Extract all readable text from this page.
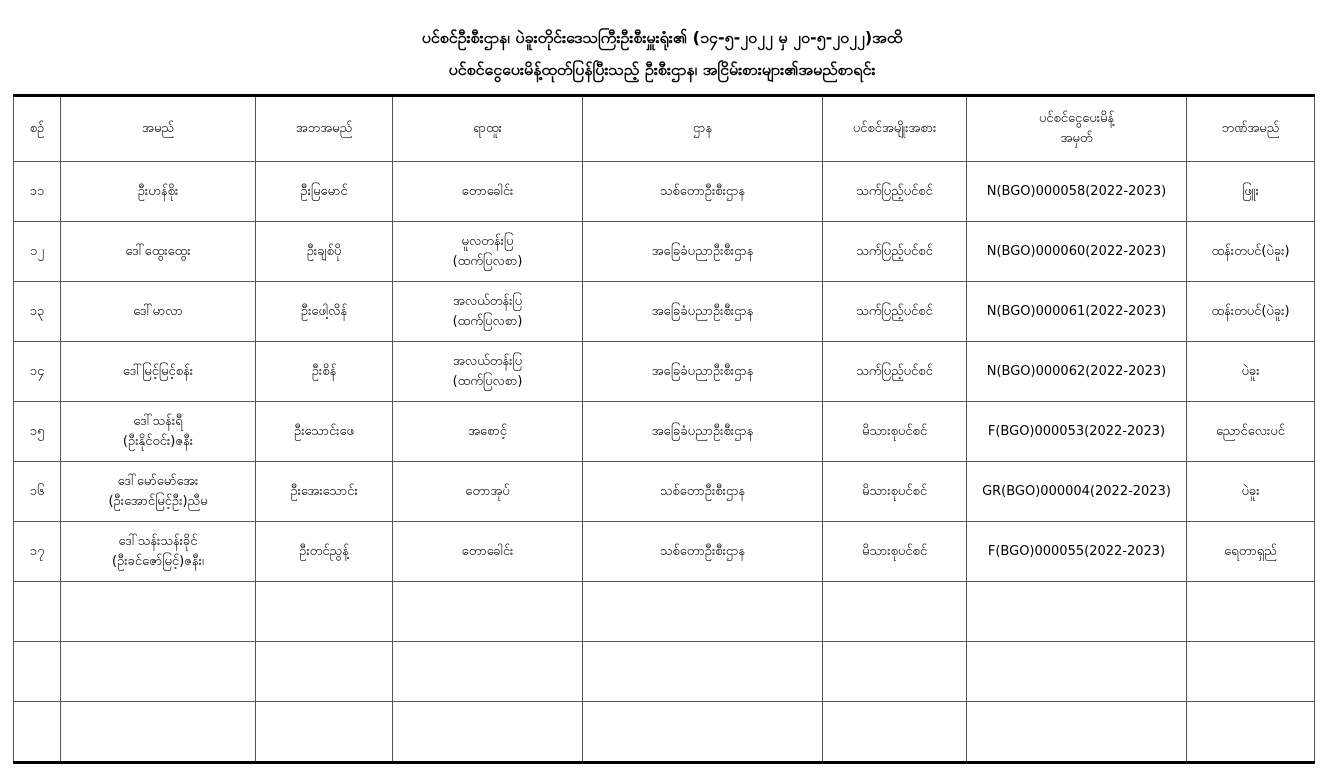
ပင်စင်ဦးစီးဌာန၊ ပဲခူးတိုင်းဒေသကြီးဦးစီးမှူးရုံး၏ (၁၄-၅-၂၀၂၂ မှ ၂၀-၅-၂၀၂၂)အထိ
ပင်စင်ငွေပေးမိန့်ထုတ်ပြန်ပြီးသည့် ဦးစီးဌာန၊ အငြိမ်းစားများ၏အမည်စာရင်း
စဉ်	အမည်	အဘအမည်	ရာထူး	ဌာန	ပင်စင်အမျိုးအစား	ပင်စင်ငွေပေးမိန့်
အမှတ်	ဘဏ်အမည်
၁၁	ဦးဟန်စိုး	ဦးမြမောင်	တောခေါင်း	သစ်တောဦးစီးဌာန	သက်ပြည့်ပင်စင်	N(BGO)000058(2022-2023)	ဖြူး
၁၂	ဒေါ်ထွေးထွေး	ဦးချစ်ပို	မူလတန်းပြ
(ထက်ပြလစာ)	အခြေခံပညာဦးစီးဌာန	သက်ပြည့်ပင်စင်	N(BGO)000060(2022-2023)	ထန်းတပင်(ပဲခူး)
၁၃	ဒေါ်မာလာ	ဦးဖေါ့လိန်	အလယ်တန်းပြ
(ထက်ပြလစာ)	အခြေခံပညာဦးစီးဌာန	သက်ပြည့်ပင်စင်	N(BGO)000061(2022-2023)	ထန်းတပင်(ပဲခူး)
၁၄	ဒေါ်မြင့်မြင့်စန်း	ဦးစိန်	အလယ်တန်းပြ
(ထက်ပြလစာ)	အခြေခံပညာဦးစီးဌာန	သက်ပြည့်ပင်စင်	N(BGO)000062(2022-2023)	ပဲခူး
၁၅	ဒေါ်သန်းရီ
(ဦးနိုင်ဝင်း)ဇနီး	ဦးသောင်းဖေ	အစောင့်	အခြေခံပညာဦးစီးဌာန	မိသားစုပင်စင်	F(BGO)000053(2022-2023)	ညောင်လေးပင်
၁၆	ဒေါ်မော်မော်အေး
(ဦးအောင်မြင့်ဦး)ညီမ	ဦးအေးသောင်း	တောအုပ်	သစ်တောဦးစီးဌာန	မိသားစုပင်စင်	GR(BGO)000004(2022-2023)	ပဲခူး
၁၇	ဒေါ်သန်းသန်းခိုင်
(ဦးခင်ဇော်မြင့်)ဇနီး၊	ဦးတင်ညွန့်	တောခေါင်း	သစ်တောဦးစီးဌာန	မိသားစုပင်စင်	F(BGO)000055(2022-2023)	ရေတာရှည်
